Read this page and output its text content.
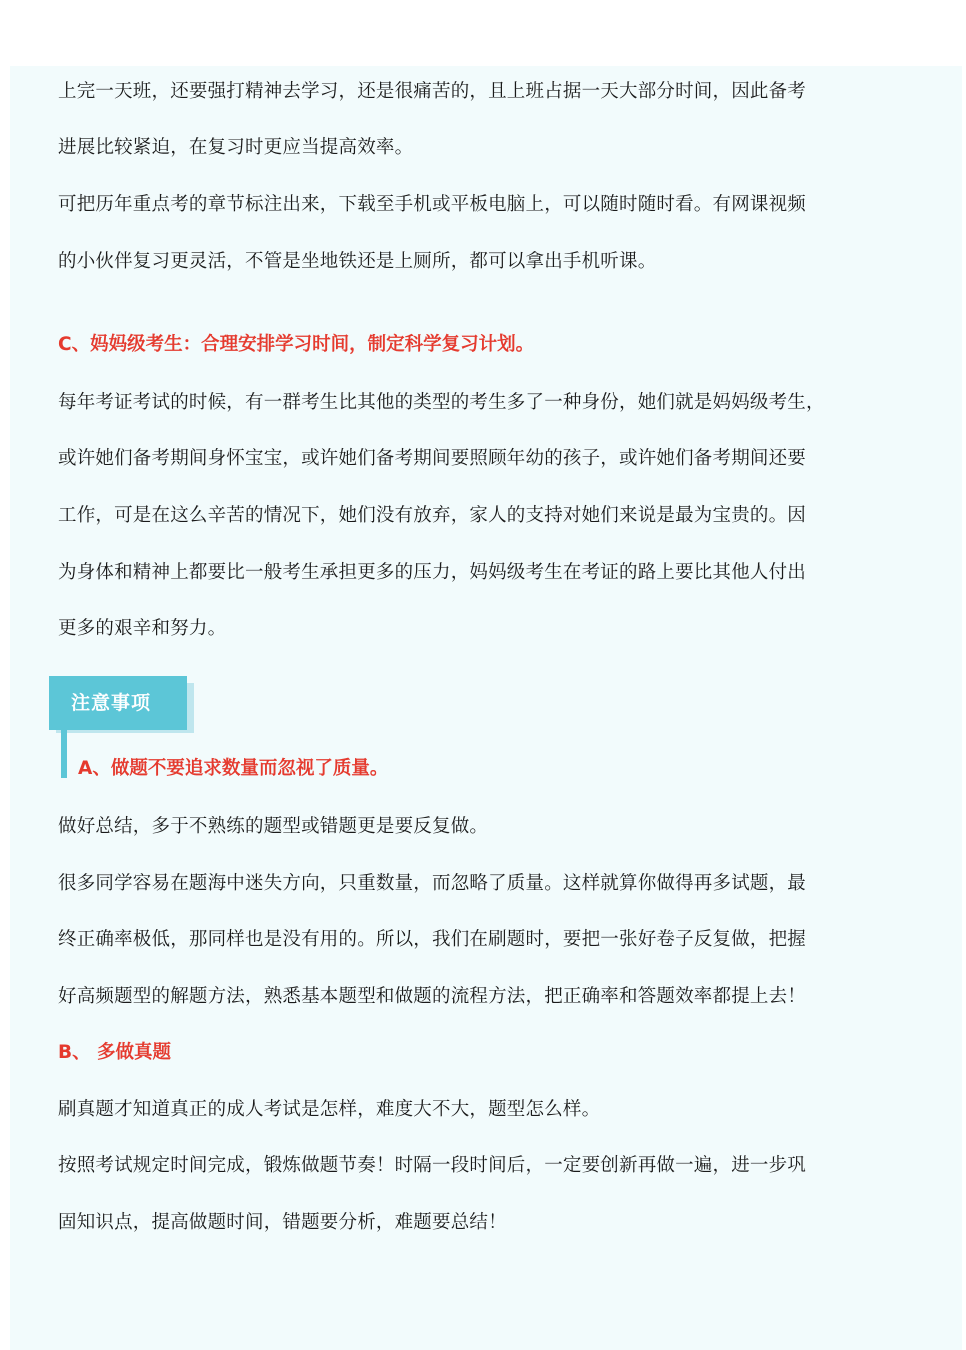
上完一天班，还要强打精神去学习，还是很痛苦的，且上班占据一天大部分时间，因此备考

进展比较紧迫，在复习时更应当提高效率。

可把历年重点考的章节标注出来，下载至手机或平板电脑上，可以随时随时看。有网课视频

的小伙伴复习更灵活，不管是坐地铁还是上厕所，都可以拿出手机听课。

C、妈妈级考生：合理安排学习时间，制定科学复习计划。

每年考证考试的时候，有一群考生比其他的类型的考生多了一种身份，她们就是妈妈级考生，

或许她们备考期间身怀宝宝，或许她们备考期间要照顾年幼的孩子，或许她们备考期间还要

工作，可是在这么辛苦的情况下，她们没有放弃，家人的支持对她们来说是最为宝贵的。因

为身体和精神上都要比一般考生承担更多的压力，妈妈级考生在考证的路上要比其他人付出

更多的艰辛和努力。

注意事项

A、做题不要追求数量而忽视了质量。

做好总结，多于不熟练的题型或错题更是要反复做。

很多同学容易在题海中迷失方向，只重数量，而忽略了质量。这样就算你做得再多试题，最

终正确率极低，那同样也是没有用的。所以，我们在刷题时，要把一张好卷子反复做，把握

好高频题型的解题方法，熟悉基本题型和做题的流程方法，把正确率和答题效率都提上去！

B、 多做真题

刷真题才知道真正的成人考试是怎样，难度大不大，题型怎么样。

按照考试规定时间完成，锻炼做题节奏！时隔一段时间后，一定要创新再做一遍，进一步巩

固知识点，提高做题时间，错题要分析，难题要总结！
